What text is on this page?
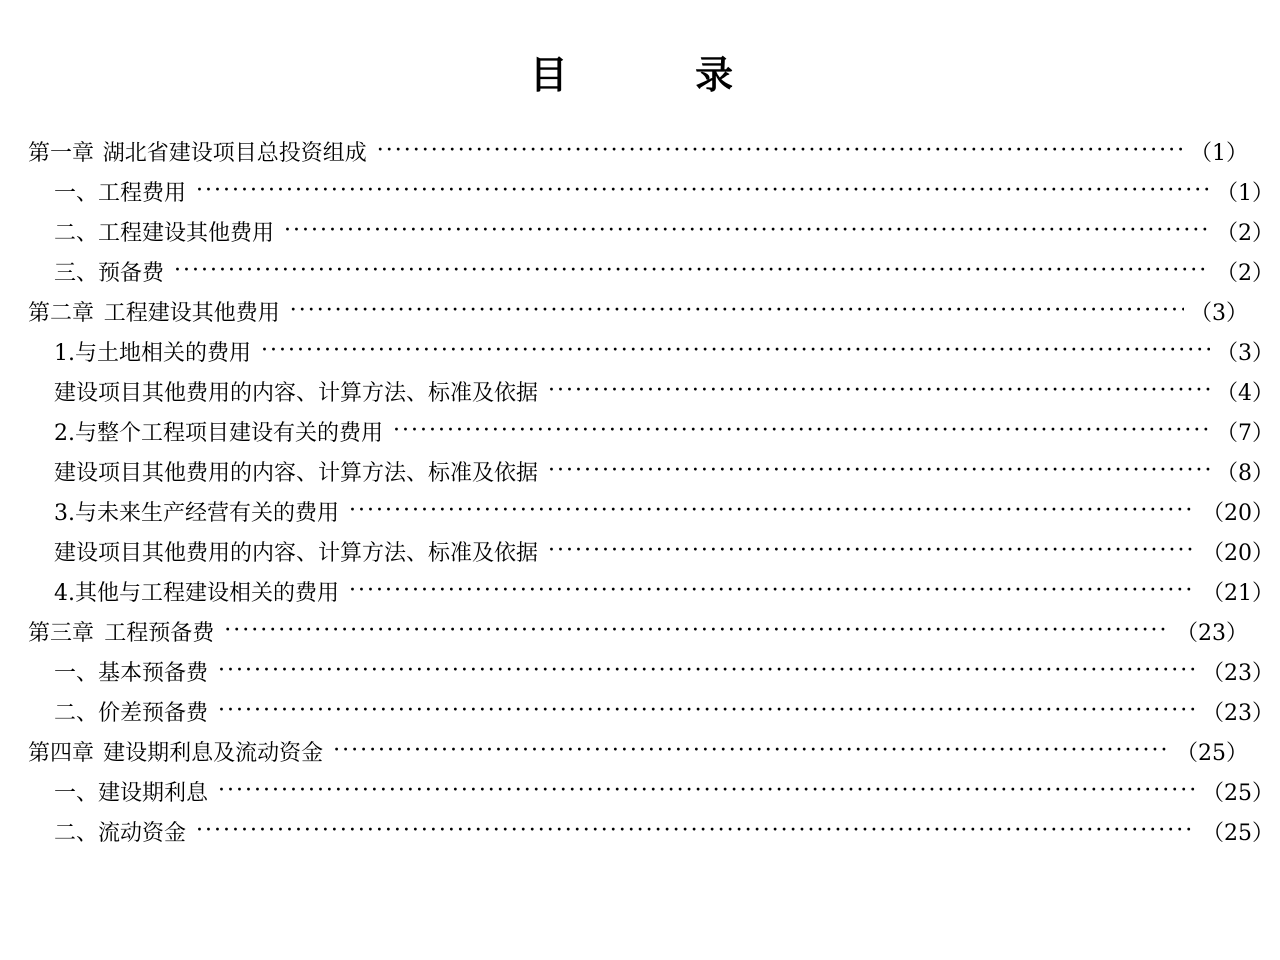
目　　录
第一章 湖北省建设项目总投资组成 ·····	（1）
一、工程费用 ·····	（1）
二、工程建设其他费用 ·····	（2）
三、预备费 ·····	（2）
第二章 工程建设其他费用 ·····	（3）
1.与土地相关的费用 ·····	（3）
建设项目其他费用的内容、计算方法、标准及依据 ·····	（4）
2.与整个工程项目建设有关的费用 ·····	（7）
建设项目其他费用的内容、计算方法、标准及依据 ·····	（8）
3.与未来生产经营有关的费用 ·····	（20）
建设项目其他费用的内容、计算方法、标准及依据 ·····	（20）
4.其他与工程建设相关的费用 ·····	（21）
第三章 工程预备费 ·····	（23）
一、基本预备费 ·····	（23）
二、价差预备费 ·····	（23）
第四章 建设期利息及流动资金 ·····	（25）
一、建设期利息 ·····	（25）
二、流动资金 ·····	（25）
